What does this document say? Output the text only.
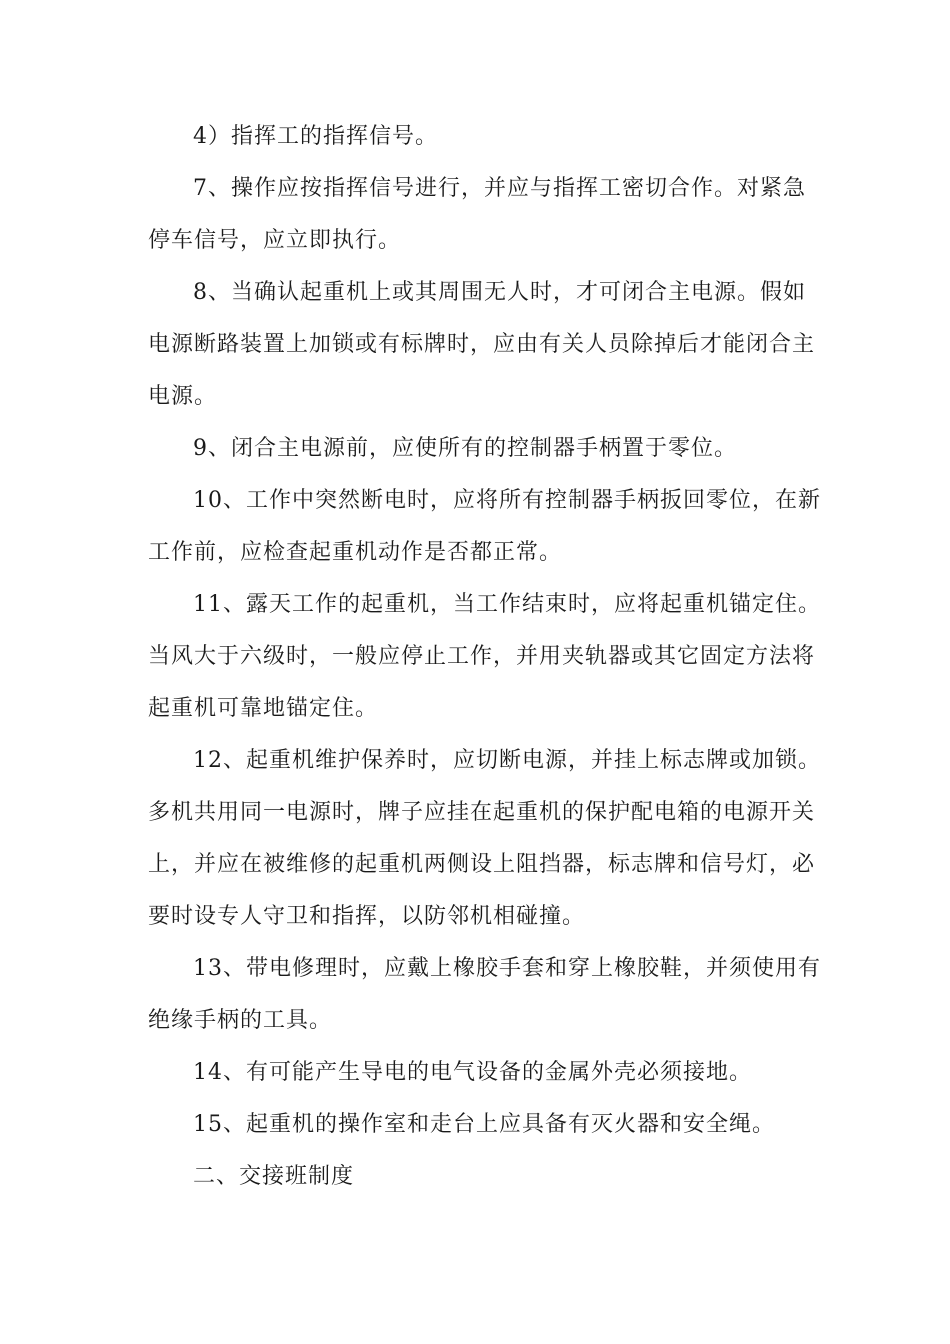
4）指挥工的指挥信号。
7、操作应按指挥信号进行，并应与指挥工密切合作。对紧急
停车信号，应立即执行。
8、当确认起重机上或其周围无人时，才可闭合主电源。假如
电源断路装置上加锁或有标牌时，应由有关人员除掉后才能闭合主
电源。
9、闭合主电源前，应使所有的控制器手柄置于零位。
10、工作中突然断电时，应将所有控制器手柄扳回零位，在新
工作前，应检查起重机动作是否都正常。
11、露天工作的起重机，当工作结束时，应将起重机锚定住。
当风大于六级时，一般应停止工作，并用夹轨器或其它固定方法将
起重机可靠地锚定住。
12、起重机维护保养时，应切断电源，并挂上标志牌或加锁。
多机共用同一电源时，牌子应挂在起重机的保护配电箱的电源开关
上，并应在被维修的起重机两侧设上阻挡器，标志牌和信号灯，必
要时设专人守卫和指挥，以防邻机相碰撞。
13、带电修理时，应戴上橡胶手套和穿上橡胶鞋，并须使用有
绝缘手柄的工具。
14、有可能产生导电的电气设备的金属外壳必须接地。
15、起重机的操作室和走台上应具备有灭火器和安全绳。
二、交接班制度
